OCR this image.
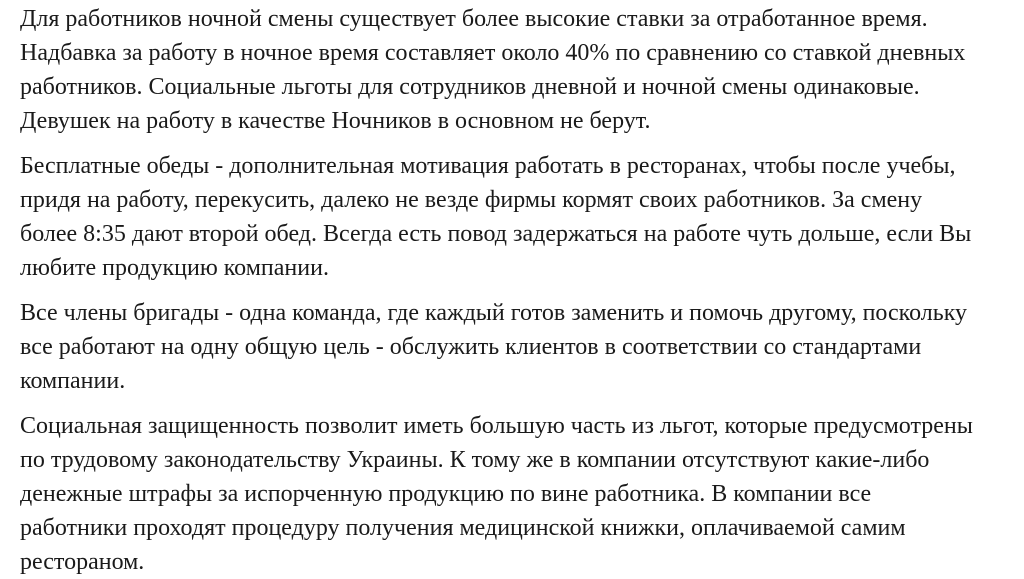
Для работников ночной смены существует более высокие ставки за отработанное время. Надбавка за работу в ночное время составляет около 40% по сравнению со ставкой дневных работников. Социальные льготы для сотрудников дневной и ночной смены одинаковые. Девушек на работу в качестве Ночников в основном не берут.

Бесплатные обеды - дополнительная мотивация работать в ресторанах, чтобы после учебы, придя на работу, перекусить, далеко не везде фирмы кормят своих работников. За смену более 8:35 дают второй обед. Всегда есть повод задержаться на работе чуть дольше, если Вы любите продукцию компании.

Все члены бригады - одна команда, где каждый готов заменить и помочь другому, поскольку все работают на одну общую цель - обслужить клиентов в соответствии со стандартами компании.

Социальная защищенность позволит иметь большую часть из льгот, которые предусмотрены по трудовому законодательству Украины. К тому же в компании отсутствуют какие-либо денежные штрафы за испорченную продукцию по вине работника. В компании все работники проходят процедуру получения медицинской книжки, оплачиваемой самим рестораном.
